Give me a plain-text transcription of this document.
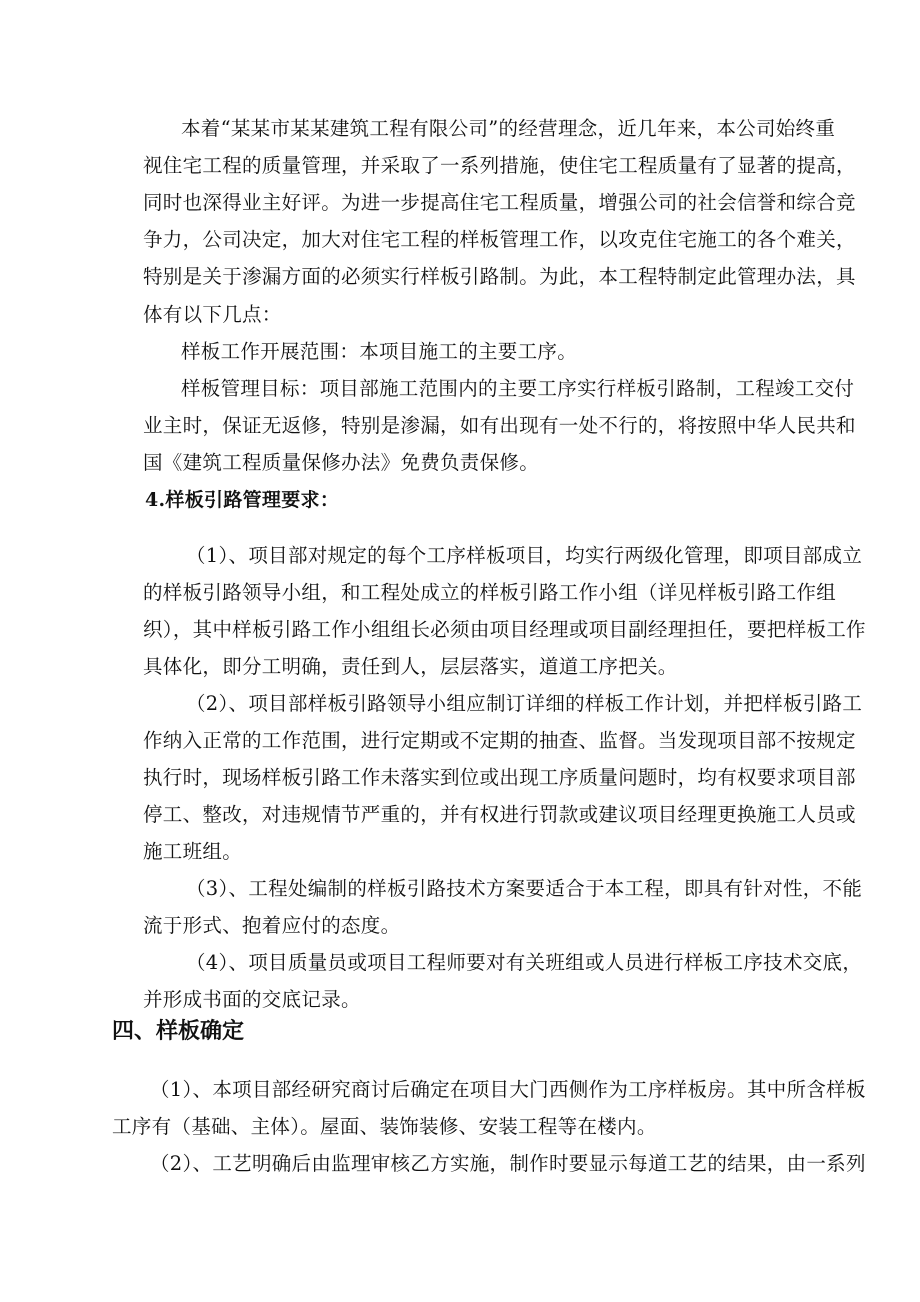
本着“某某市某某建筑工程有限公司”的经营理念，近几年来，本公司始终重
视住宅工程的质量管理，并采取了一系列措施，使住宅工程质量有了显著的提高，
同时也深得业主好评。为进一步提高住宅工程质量，增强公司的社会信誉和综合竞
争力，公司决定，加大对住宅工程的样板管理工作，以攻克住宅施工的各个难关，
特别是关于渗漏方面的必须实行样板引路制。为此，本工程特制定此管理办法，具
体有以下几点：
样板工作开展范围：本项目施工的主要工序。
样板管理目标：项目部施工范围内的主要工序实行样板引路制，工程竣工交付
业主时，保证无返修，特别是渗漏，如有出现有一处不行的，将按照中华人民共和
国《建筑工程质量保修办法》免费负责保修。
4.样板引路管理要求：
（1）、项目部对规定的每个工序样板项目，均实行两级化管理，即项目部成立
的样板引路领导小组，和工程处成立的样板引路工作小组（详见样板引路工作组
织），其中样板引路工作小组组长必须由项目经理或项目副经理担任，要把样板工作
具体化，即分工明确，责任到人，层层落实，道道工序把关。
（2）、项目部样板引路领导小组应制订详细的样板工作计划，并把样板引路工
作纳入正常的工作范围，进行定期或不定期的抽查、监督。当发现项目部不按规定
执行时，现场样板引路工作未落实到位或出现工序质量问题时，均有权要求项目部
停工、整改，对违规情节严重的，并有权进行罚款或建议项目经理更换施工人员或
施工班组。
（3）、工程处编制的样板引路技术方案要适合于本工程，即具有针对性，不能
流于形式、抱着应付的态度。
（4）、项目质量员或项目工程师要对有关班组或人员进行样板工序技术交底，
并形成书面的交底记录。
四、样板确定
（1）、本项目部经研究商讨后确定在项目大门西侧作为工序样板房。其中所含样板
工序有（基础、主体）。屋面、装饰装修、安装工程等在楼内。
（2）、工艺明确后由监理审核乙方实施，制作时要显示每道工艺的结果，由一系列
